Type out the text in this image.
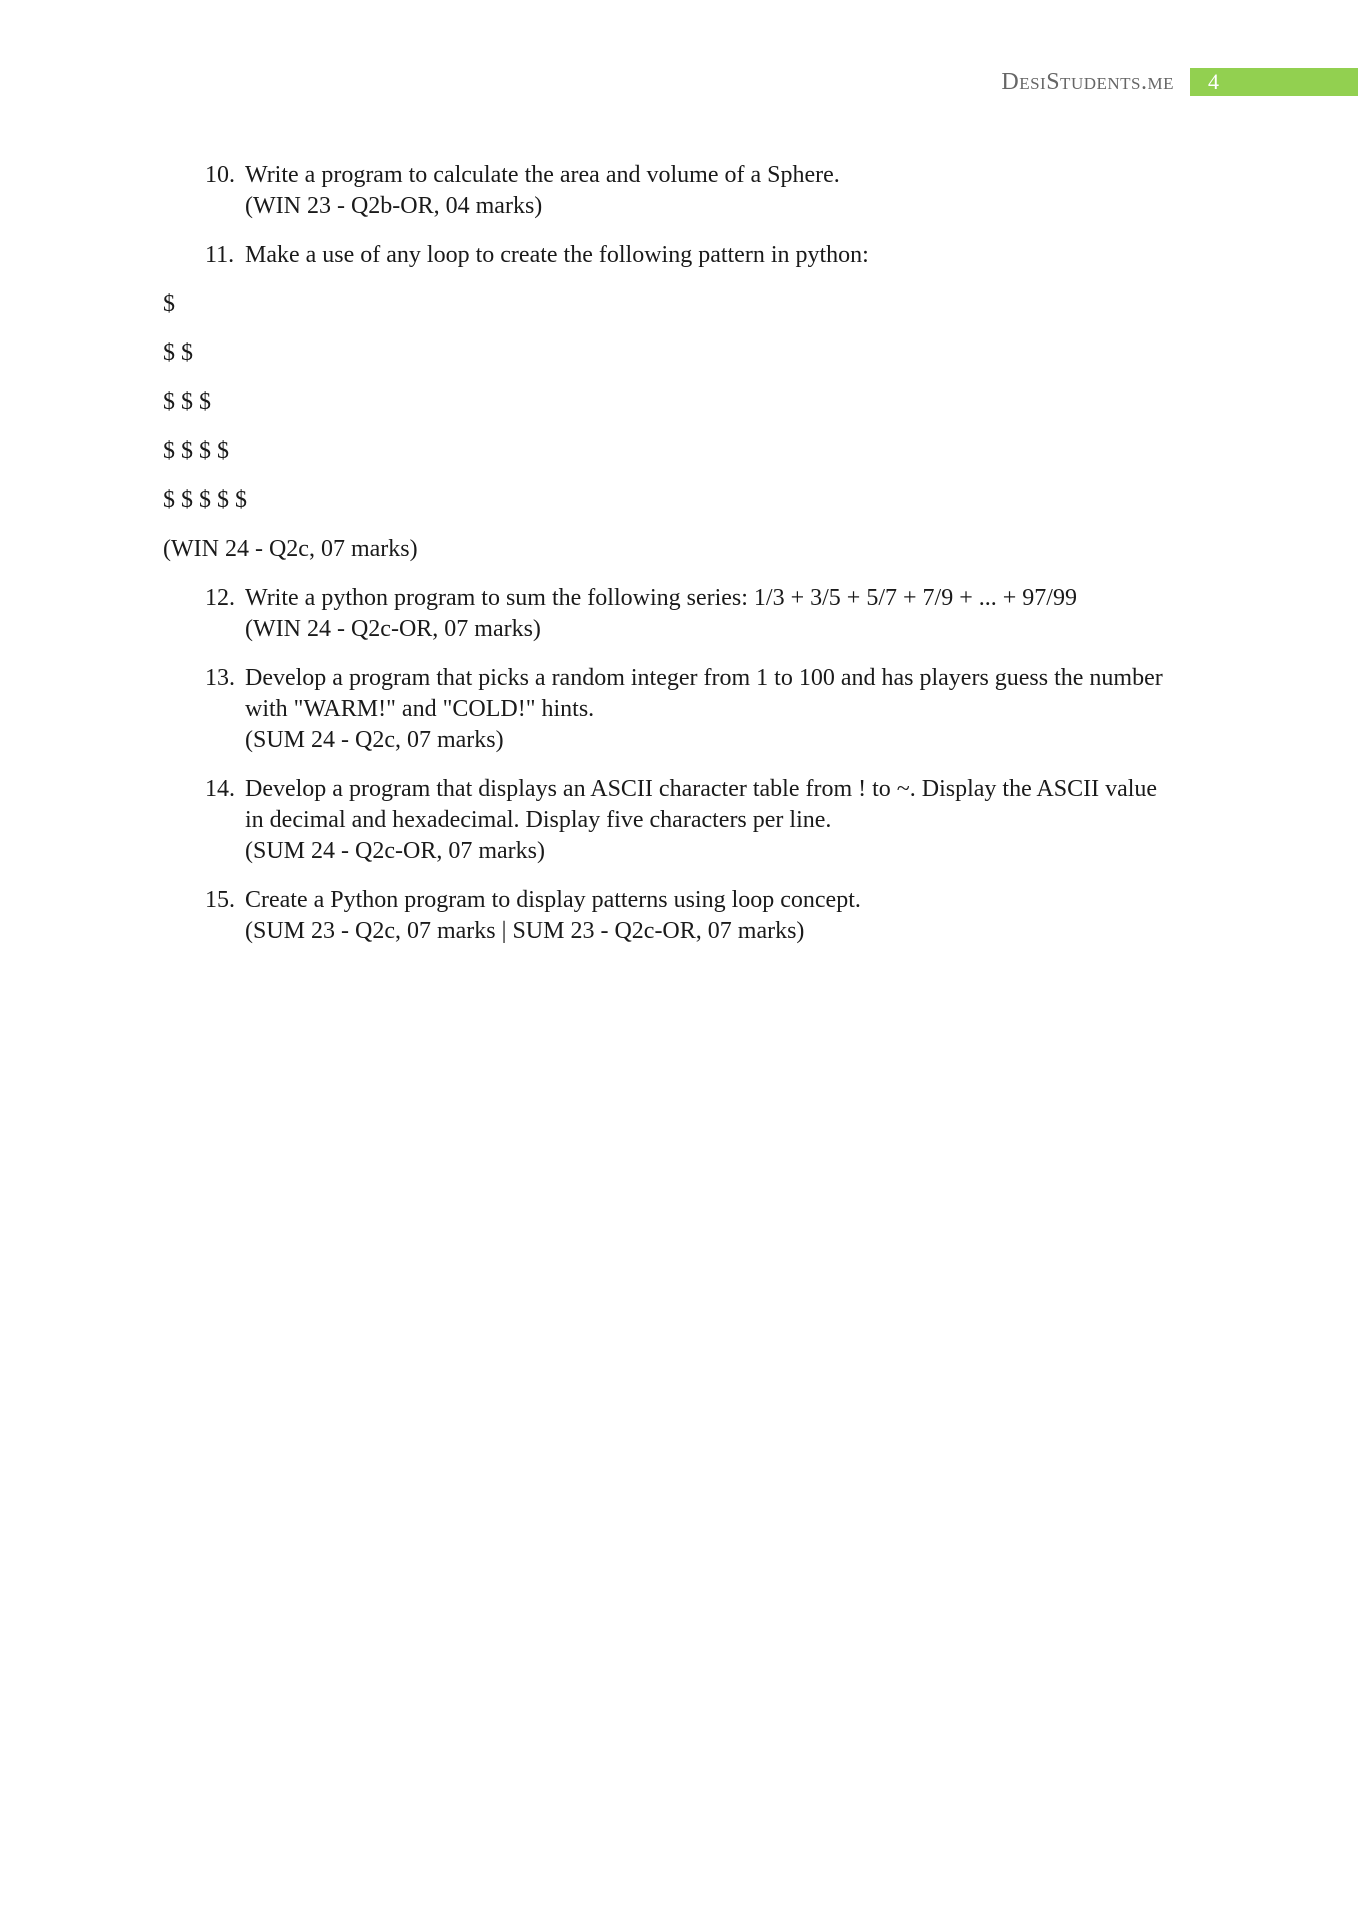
DesiStudents.me	4
10. Write a program to calculate the area and volume of a Sphere.
(WIN 23 - Q2b-OR, 04 marks)
11. Make a use of any loop to create the following pattern in python:
$
$ $
$ $ $
$ $ $ $
$ $ $ $ $
(WIN 24 - Q2c, 07 marks)
12. Write a python program to sum the following series: 1/3 + 3/5 + 5/7 + 7/9 + ... + 97/99
(WIN 24 - Q2c-OR, 07 marks)
13. Develop a program that picks a random integer from 1 to 100 and has players guess the number with "WARM!" and "COLD!" hints.
(SUM 24 - Q2c, 07 marks)
14. Develop a program that displays an ASCII character table from ! to ~. Display the ASCII value in decimal and hexadecimal. Display five characters per line.
(SUM 24 - Q2c-OR, 07 marks)
15. Create a Python program to display patterns using loop concept.
(SUM 23 - Q2c, 07 marks | SUM 23 - Q2c-OR, 07 marks)
